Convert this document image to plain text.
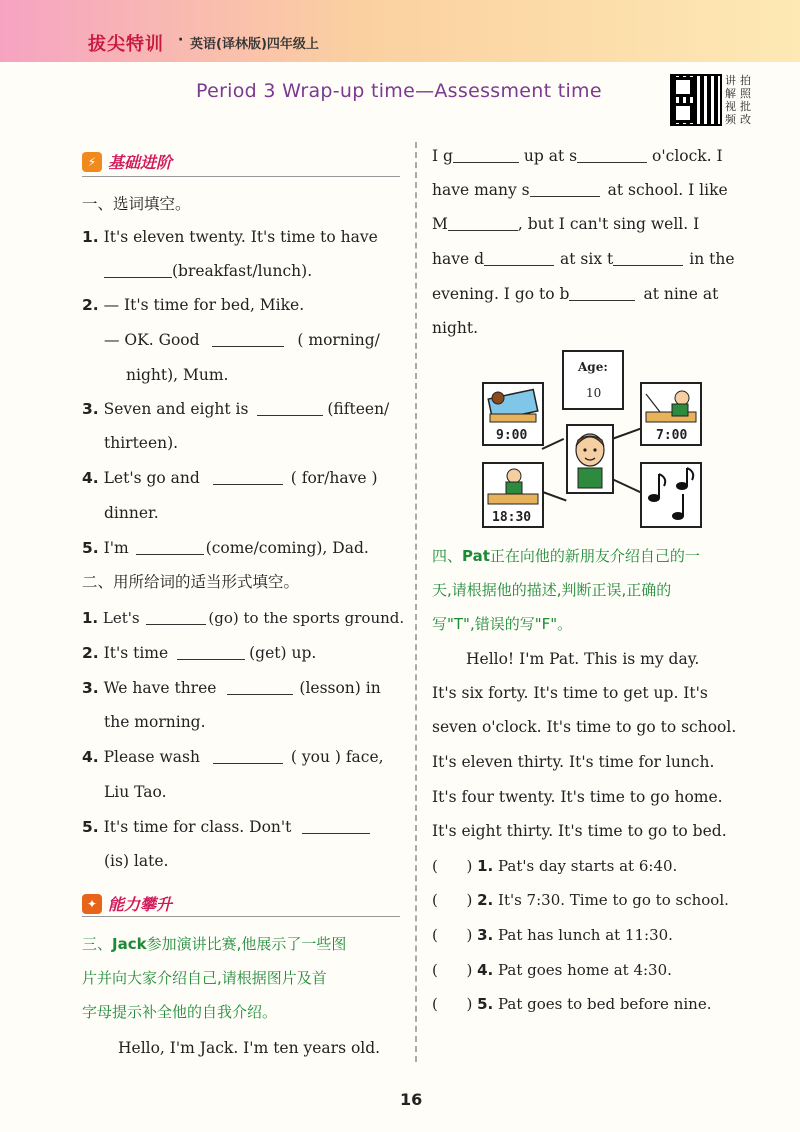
拔尖特训 · 英语(译林版)四年级上
Period 3 Wrap-up time—Assessment time	讲解
拍照
视频
批改
⚡ 基础进阶
一、选词填空。
1. It's eleven twenty. It's time to have
(breakfast/lunch).
2. — It's time for bed, Mike.
— OK. Good	( morning/
night), Mum.
3. Seven and eight is	(fifteen/
thirteen).
4. Let's go and	( for/have )
dinner.
5. I'm	(come/coming), Dad.
二、用所给词的适当形式填空。
1. Let's	(go) to the sports ground.
2. It's time	(get) up.
3. We have three	(lesson) in
the morning.
4. Please wash	( you ) face,
Liu Tao.
5. It's time for class. Don't
(is) late.
✦ 能力攀升
三、Jack参加演讲比赛,他展示了一些图
片并向大家介绍自己,请根据图片及首
字母提示补全他的自我介绍。
Hello, I'm Jack. I'm ten years old.
I g	up at s	o'clock. I
have many s	at school. I like
M	, but I can't sing well. I
have d	at six t	in the
evening. I go to b	at nine at
night.
Age:
10
9:00	7:00
18:30
四、Pat正在向他的新朋友介绍自己的一
天,请根据他的描述,判断正误,正确的
写"T",错误的写"F"。
Hello! I'm Pat. This is my day.
It's six forty. It's time to get up. It's
seven o'clock. It's time to go to school.
It's eleven thirty. It's time for lunch.
It's four twenty. It's time to go home.
It's eight thirty. It's time to go to bed.
(      ) 1. Pat's day starts at 6:40.
(      ) 2. It's 7:30. Time to go to school.
(      ) 3. Pat has lunch at 11:30.
(      ) 4. Pat goes home at 4:30.
(      ) 5. Pat goes to bed before nine.
16
